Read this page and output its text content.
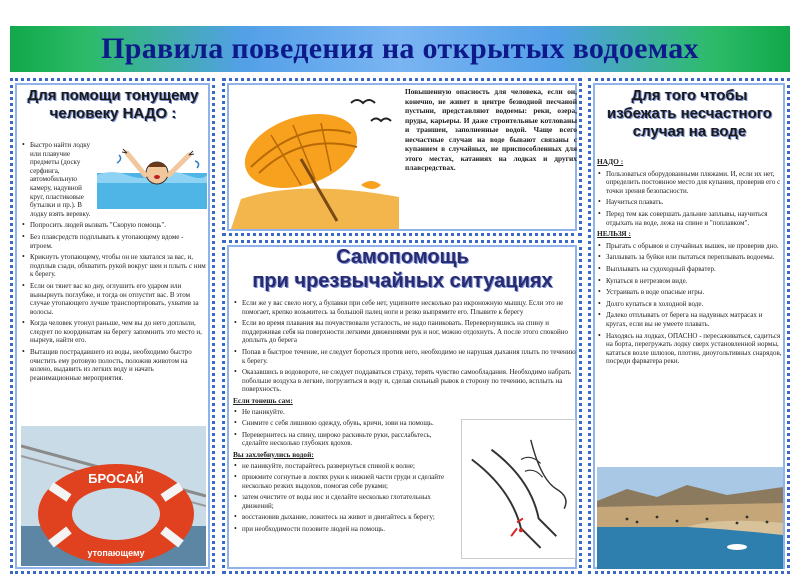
Правила поведения на открытых водоемах
Для помощи тонущему человеку НАДО :
• Быстро найти лодку или плавучие предметы (доску серфинга, автомобильную камеру, надувной круг, пластиковые бутылки и пр.). В лодку взять веревку.
• Попросить людей вызвать "Скорую помощь".
• Без плавсредств подплывать к утопающему вдоме - втроем.
• Крикнуть утопающему, чтобы он не хватался за вас, и, подплыв сзади, обхватить рукой вокруг шеи и плыть с ним к берегу.
• Если он тянет вас ко дну, оглушить его ударом или вынырнуть поглубже, и тогда он отпустит вас. В этом случае утопающего лучше транспортировать, ухватив за волосы.
• Когда человек утонул раньше, чем вы до него доплыли, следует по координатам на берегу запомнить это место и, нырнув, найти его.
• Вытащив пострадавшего из воды, необходимо быстро очистить ему ротовую полость, положив животом на колено, выдавить из легких воду и начать реанимационные мероприятия.
БРОСАЙ
утопающему
Повышенную опасность для человека, если он, конечно, не живет в центре безводной песчаной пустыни, представляют водоемы: реки, озера, пруды, карьеры. И даже строительные котлованы и траншеи, заполненные водой. Чаще всего несчастные случаи на воде бывают связаны с купанием в случайных, не приспособленных для этого местах, катаниях на лодках и других плавсредствах.
Самопомощь
при чрезвычайных ситуациях
• Если же у вас свело ногу, а булавки при себе нет, ущипните несколько раз икроножную мышцу. Если это не помогает, крепко возьмитесь за большой палец ноги и резко выпрямите его. Плывите к берегу
• Если во время плавания вы почувствовали усталость, не надо паниковать. Перевернувшись на спину и поддерживая себя на поверхности легкими движениями рук и ног, можно отдохнуть. А после этого спокойно доплыть до берега
• Попав в быстрое течение, не следует бороться против него, необходимо не нарушая дыхания плыть по течению к берегу.
• Оказавшись в водовороте, не следует поддаваться страху, терять чувство самообладания. Необходимо набрать побольше воздуха в легкие, погрузиться в воду и, сделав сильный рывок в сторону по течению, всплыть на поверхность.
Если тонешь сам:
• Не паникуйте.
• Снимите с себя лишнюю одежду, обувь, кричи, зови на помощь.
• Перевернитесь на спину, широко раскиньте руки, расслабьтесь, сделайте несколько глубоких вдохов.
Вы захлебнулись водой:
• не паникуйте, постарайтесь развернуться спиной к волне;
• прижмите согнутые в локтях руки к нижней части груди и сделайте несколько резких выдохов, помогая себе руками;
• затем очистите от воды нос и сделайте несколько глотательных движений;
• восстановив дыхание, ложитесь на живот и двигайтесь к берегу;
• при необходимости позовите людей на помощь.
Для того чтобы избежать несчастного случая на воде
НАДО :
• Пользоваться оборудованными пляжами. И, если их нет, определить постоянное место для купания, проверив его с точки зрения безопасности.
• Научиться плавать.
• Перед тем как совершать дальние заплывы, научиться отдыхать на воде, лежа на спине и "поплавком".
НЕЛЬЗЯ :
• Прыгать с обрывов и случайных вышек, не проверив дно.
• Заплывать за буйки или пытаться переплывать водоемы.
• Выплывать на судоходный фарватер.
• Купаться в нетрезвом виде.
• Устраивать в воде опасные игры.
• Долго купаться в холодной воде.
• Далеко отплывать от берега на надувных матрасах и кругах, если вы не умеете плавать.
• Находясь на лодках, ОПАСНО - пересаживаться, садиться на борта, перегружать лодку сверх установленной нормы, кататься возле шлюзов, плотин, диоугольтивных снарядов, посреди фарватера реки.
